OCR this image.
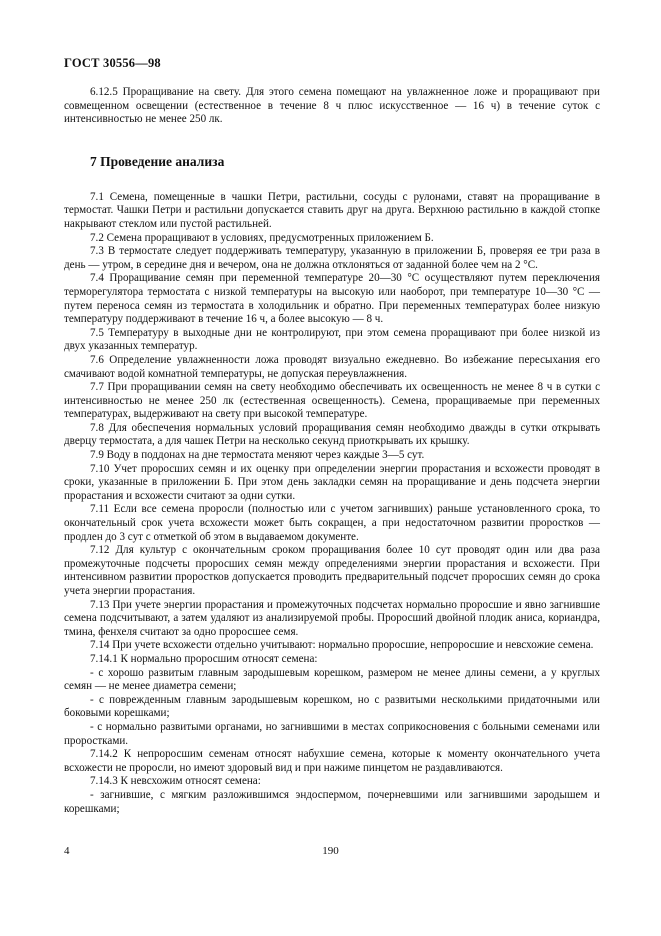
ГОСТ 30556—98

6.12.5 Проращивание на свету. Для этого семена помещают на увлажненное ложе и проращивают при совмещенном освещении (естественное в течение 8 ч плюс искусственное — 16 ч) в течение суток с интенсивностью не менее 250 лк.

7 Проведение анализа

7.1 Семена, помещенные в чашки Петри, растильни, сосуды с рулонами, ставят на проращивание в термостат. Чашки Петри и растильни допускается ставить друг на друга. Верхнюю растильню в каждой стопке накрывают стеклом или пустой растильней.

7.2 Семена проращивают в условиях, предусмотренных приложением Б.

7.3 В термостате следует поддерживать температуру, указанную в приложении Б, проверяя ее три раза в день — утром, в середине дня и вечером, она не должна отклоняться от заданной более чем на 2 °С.

7.4 Проращивание семян при переменной температуре 20—30 °С осуществляют путем переключения терморегулятора термостата с низкой температуры на высокую или наоборот, при температуре 10—30 °С — путем переноса семян из термостата в холодильник и обратно. При переменных температурах более низкую температуру поддерживают в течение 16 ч, а более высокую — 8 ч.

7.5 Температуру в выходные дни не контролируют, при этом семена проращивают при более низкой из двух указанных температур.

7.6 Определение увлажненности ложа проводят визуально ежедневно. Во избежание пересыхания его смачивают водой комнатной температуры, не допуская переувлажнения.

7.7 При проращивании семян на свету необходимо обеспечивать их освещенность не менее 8 ч в сутки с интенсивностью не менее 250 лк (естественная освещенность). Семена, проращиваемые при переменных температурах, выдерживают на свету при высокой температуре.

7.8 Для обеспечения нормальных условий проращивания семян необходимо дважды в сутки открывать дверцу термостата, а для чашек Петри на несколько секунд приоткрывать их крышку.

7.9 Воду в поддонах на дне термостата меняют через каждые 3—5 сут.

7.10 Учет проросших семян и их оценку при определении энергии прорастания и всхожести проводят в сроки, указанные в приложении Б. При этом день закладки семян на проращивание и день подсчета энергии прорастания и всхожести считают за одни сутки.

7.11 Если все семена проросли (полностью или с учетом загнивших) раньше установленного срока, то окончательный срок учета всхожести может быть сокращен, а при недостаточном развитии проростков — продлен до 3 сут с отметкой об этом в выдаваемом документе.

7.12 Для культур с окончательным сроком проращивания более 10 сут проводят один или два раза промежуточные подсчеты проросших семян между определениями энергии прорастания и всхожести. При интенсивном развитии проростков допускается проводить предварительный подсчет проросших семян до срока учета энергии прорастания.

7.13 При учете энергии прорастания и промежуточных подсчетах нормально проросшие и явно загнившие семена подсчитывают, а затем удаляют из анализируемой пробы. Проросший двойной плодик аниса, кориандра, тмина, фенхеля считают за одно проросшее семя.

7.14 При учете всхожести отдельно учитывают: нормально проросшие, непроросшие и невсхожие семена.

7.14.1 К нормально проросшим относят семена:

- с хорошо развитым главным зародышевым корешком, размером не менее длины семени, а у круглых семян — не менее диаметра семени;

- с поврежденным главным зародышевым корешком, но с развитыми несколькими придаточными или боковыми корешками;

- с нормально развитыми органами, но загнившими в местах соприкосновения с больными семенами или проростками.

7.14.2 К непроросшим семенам относят набухшие семена, которые к моменту окончательного учета всхожести не проросли, но имеют здоровый вид и при нажиме пинцетом не раздавливаются.

7.14.3 К невсхожим относят семена:

- загнившие, с мягким разложившимся эндоспермом, почерневшими или загнившими зародышем и корешками;

4	190
